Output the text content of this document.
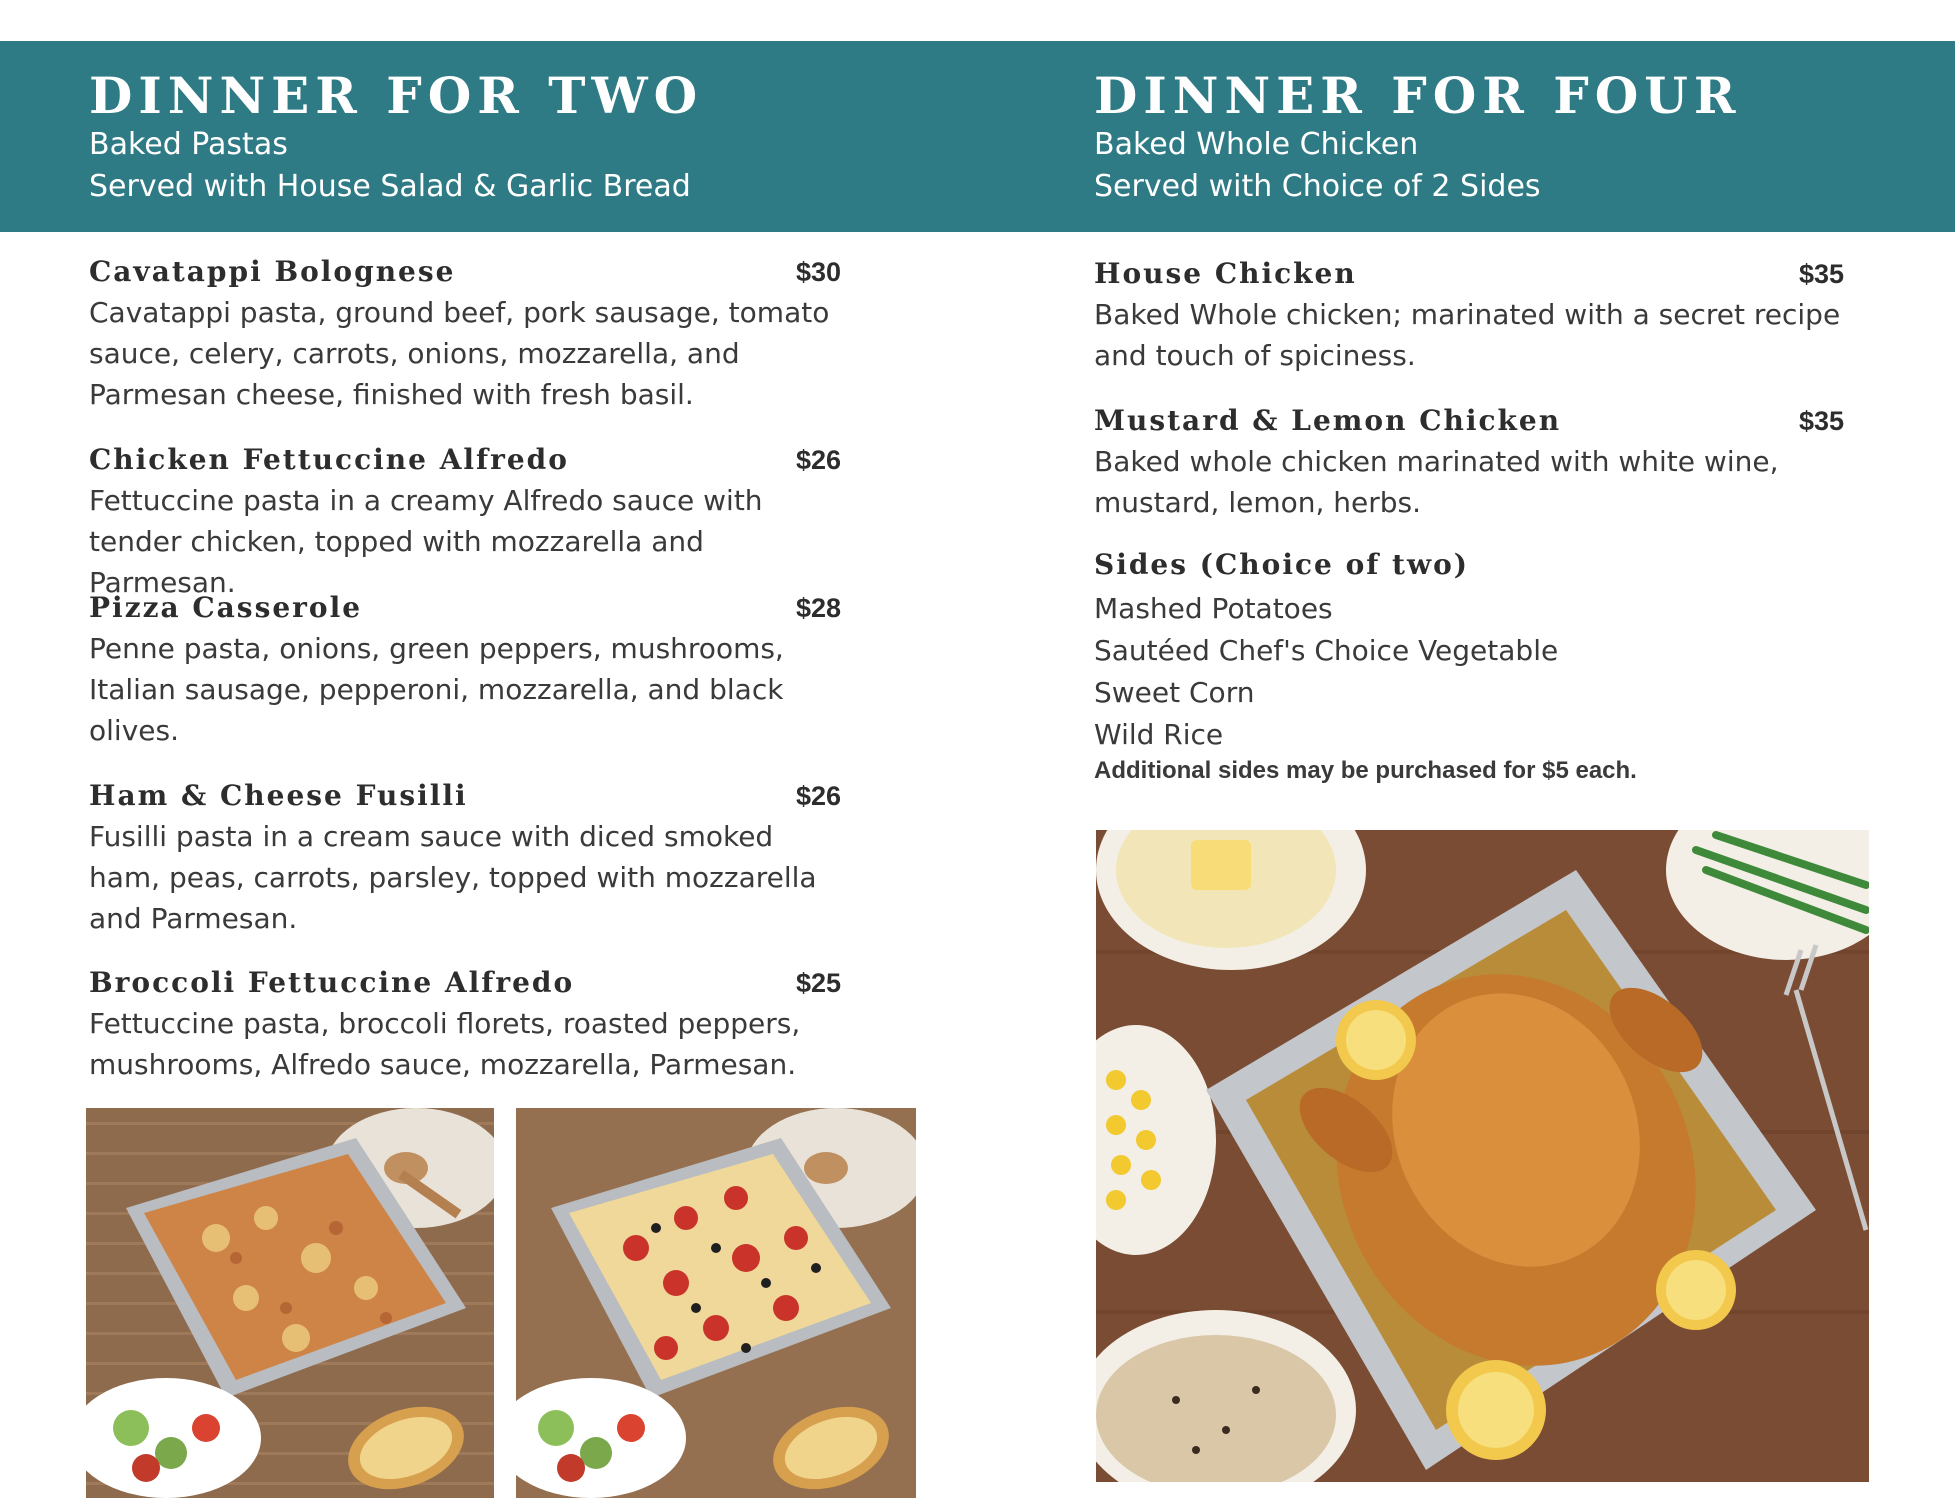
DINNER FOR TWO
Baked Pastas
Served with House Salad & Garlic Bread
Cavatappi Bolognese	$30
Cavatappi pasta, ground beef, pork sausage, tomato sauce, celery, carrots, onions, mozzarella, and Parmesan cheese, finished with fresh basil.
Chicken Fettuccine Alfredo	$26
Fettuccine pasta in a creamy Alfredo sauce with tender chicken, topped with mozzarella and Parmesan.
Pizza Casserole	$28
Penne pasta, onions, green peppers, mushrooms, Italian sausage, pepperoni, mozzarella, and black olives.
Ham & Cheese Fusilli	$26
Fusilli pasta in a cream sauce with diced smoked ham, peas, carrots, parsley, topped with mozzarella and Parmesan.
Broccoli Fettuccine Alfredo	$25
Fettuccine pasta, broccoli florets, roasted peppers, mushrooms, Alfredo sauce, mozzarella, Parmesan.
DINNER FOR FOUR
Baked Whole Chicken
Served with Choice of 2 Sides
House Chicken	$35
Baked Whole chicken; marinated with a secret recipe and touch of spiciness.
Mustard & Lemon Chicken	$35
Baked whole chicken marinated with white wine, mustard, lemon, herbs.
Sides (Choice of two)
Mashed Potatoes
Sautéed Chef's Choice Vegetable
Sweet Corn
Wild Rice
Additional sides may be purchased for $5 each.
